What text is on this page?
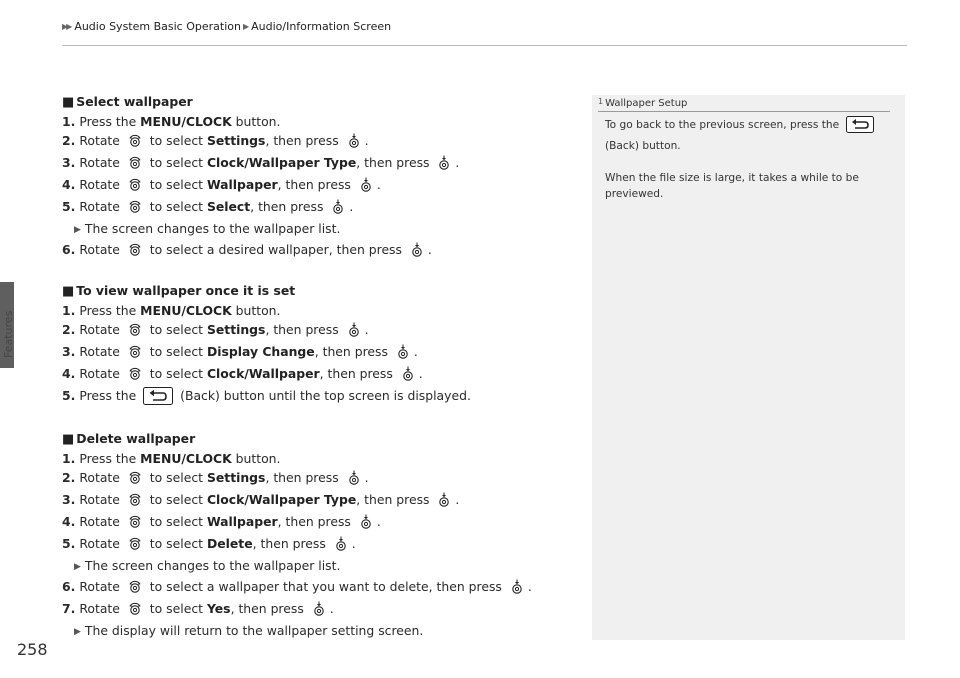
▶▶ Audio System Basic Operation ▶ Audio/Information Screen
Features
■ Select wallpaper
1. Press the MENU/CLOCK button.
2. Rotate  to select Settings, then press .
3. Rotate  to select Clock/Wallpaper Type, then press .
4. Rotate  to select Wallpaper, then press .
5. Rotate  to select Select, then press .
▶ The screen changes to the wallpaper list.
6. Rotate  to select a desired wallpaper, then press .
■ To view wallpaper once it is set
1. Press the MENU/CLOCK button.
2. Rotate  to select Settings, then press .
3. Rotate  to select Display Change, then press .
4. Rotate  to select Clock/Wallpaper, then press .
5. Press the	(Back) button until the top screen is displayed.
■ Delete wallpaper
1. Press the MENU/CLOCK button.
2. Rotate  to select Settings, then press .
3. Rotate  to select Clock/Wallpaper Type, then press .
4. Rotate  to select Wallpaper, then press .
5. Rotate  to select Delete, then press .
▶ The screen changes to the wallpaper list.
6. Rotate  to select a wallpaper that you want to delete, then press .
7. Rotate  to select Yes, then press .
▶ The display will return to the wallpaper setting screen.
$^1$ Wallpaper Setup
To go back to the previous screen, press the
(Back) button.
When the file size is large, it takes a while to be previewed.
258
